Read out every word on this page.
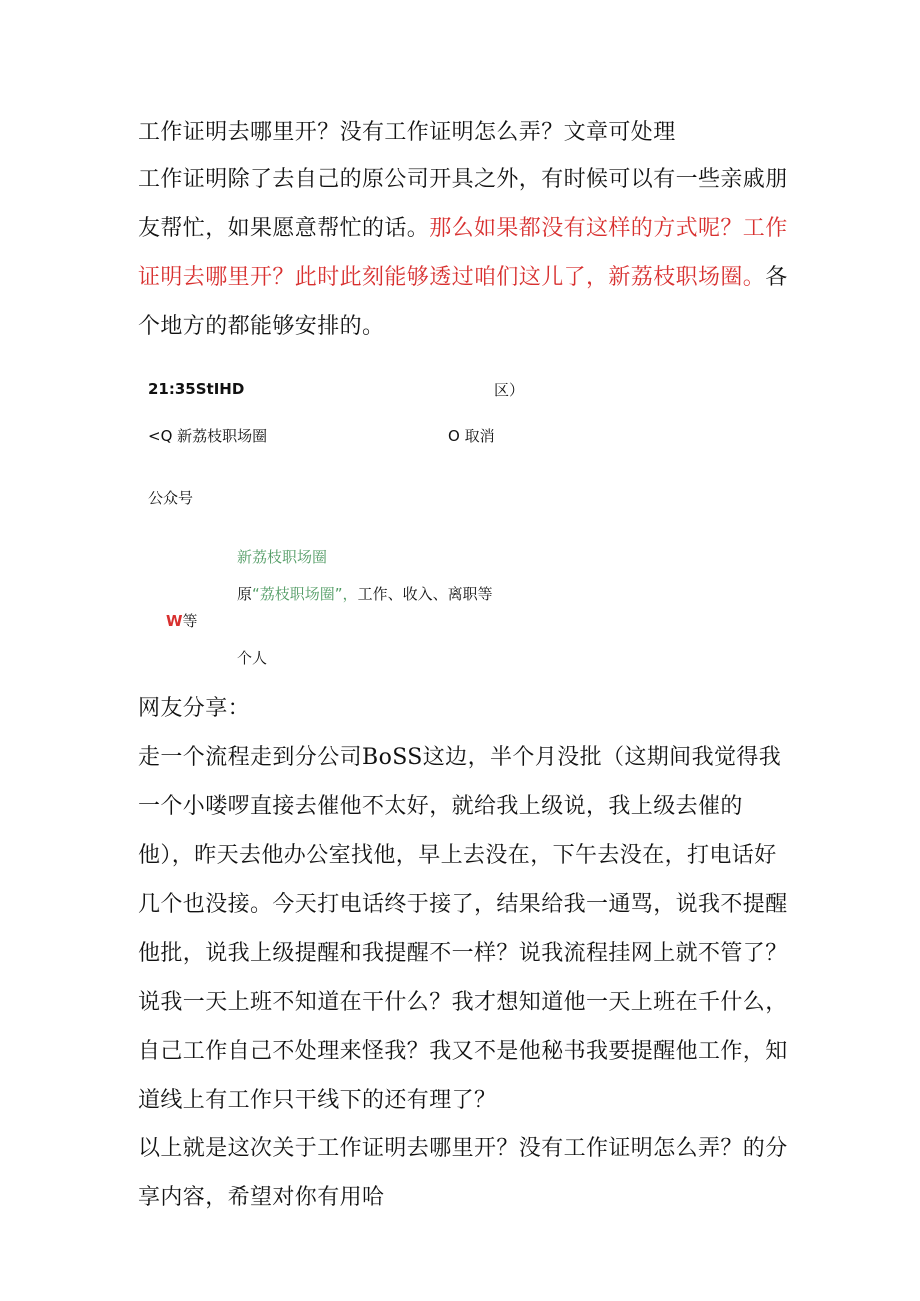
工作证明去哪里开？没有工作证明怎么弄？文章可处理

工作证明除了去自己的原公司开具之外，有时候可以有一些亲戚朋友帮忙，如果愿意帮忙的话。那么如果都没有这样的方式呢？工作证明去哪里开？此时此刻能够透过咱们这儿了，新荔枝职场圈。各个地方的都能够安排的。

21:35StIHD	区）

<Q 新荔枝职场圈	O 取消

公众号

新荔枝职场圈

原“荔枝职场圈”，工作、收入、离职等

W等

个人

网友分享：

走一个流程走到分公司BoSS这边，半个月没批（这期间我觉得我一个小喽啰直接去催他不太好，就给我上级说，我上级去催的他），昨天去他办公室找他，早上去没在，下午去没在，打电话好几个也没接。今天打电话终于接了，结果给我一通骂，说我不提醒他批，说我上级提醒和我提醒不一样？说我流程挂网上就不管了？说我一天上班不知道在干什么？我才想知道他一天上班在千什么，自己工作自己不处理来怪我？我又不是他秘书我要提醒他工作，知道线上有工作只干线下的还有理了？

以上就是这次关于工作证明去哪里开？没有工作证明怎么弄？的分享内容，希望对你有用哈
